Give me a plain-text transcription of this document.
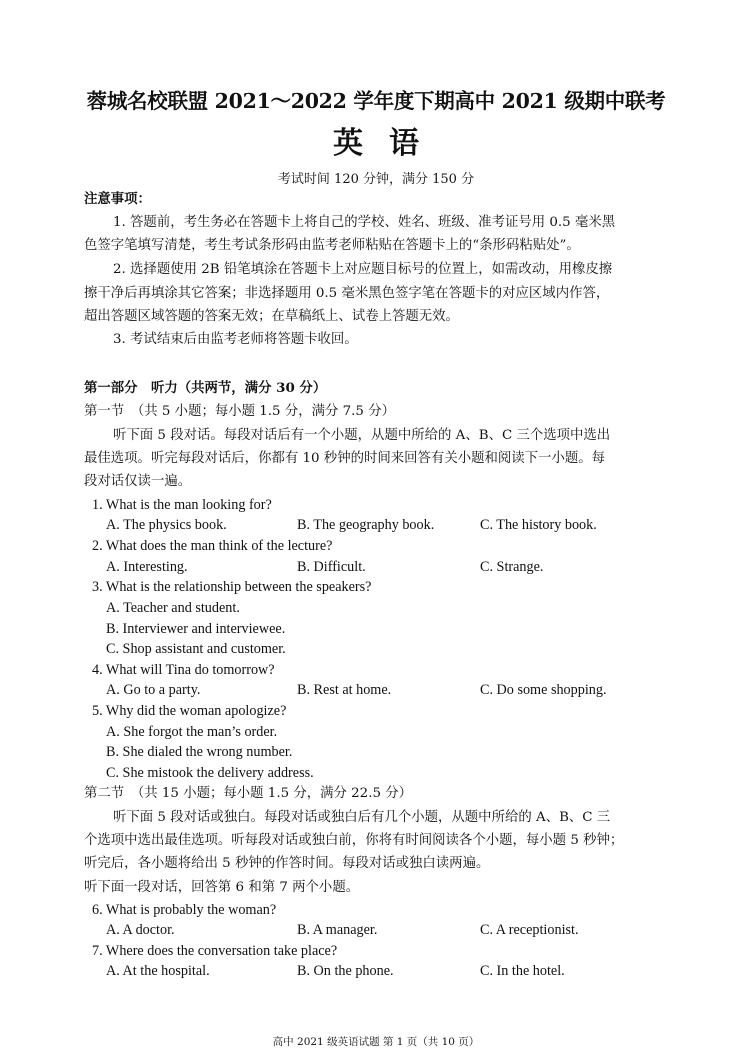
蓉城名校联盟 2021～2022 学年度下期高中 2021 级期中联考
英语
考试时间 120 分钟，满分 150 分
注意事项：
1. 答题前，考生务必在答题卡上将自己的学校、姓名、班级、准考证号用 0.5 毫米黑
色签字笔填写清楚，考生考试条形码由监考老师粘贴在答题卡上的“条形码粘贴处”。
2. 选择题使用 2B 铅笔填涂在答题卡上对应题目标号的位置上，如需改动，用橡皮擦
擦干净后再填涂其它答案；非选择题用 0.5 毫米黑色签字笔在答题卡的对应区域内作答，
超出答题区域答题的答案无效；在草稿纸上、试卷上答题无效。
3. 考试结束后由监考老师将答题卡收回。
第一部分　听力（共两节，满分 30 分）
第一节　（共 5 小题；每小题 1.5 分，满分 7.5 分）
听下面 5 段对话。每段对话后有一个小题，从题中所给的 A、B、C 三个选项中选出
最佳选项。听完每段对话后，你都有 10 秒钟的时间来回答有关小题和阅读下一小题。每
段对话仅读一遍。
1. What is the man looking for?
A. The physics book.	B. The geography book.	C. The history book.
2. What does the man think of the lecture?
A. Interesting.	B. Difficult.	C. Strange.
3. What is the relationship between the speakers?
A. Teacher and student.
B. Interviewer and interviewee.
C. Shop assistant and customer.
4. What will Tina do tomorrow?
A. Go to a party.	B. Rest at home.	C. Do some shopping.
5. Why did the woman apologize?
A. She forgot the man’s order.
B. She dialed the wrong number.
C. She mistook the delivery address.
第二节　（共 15 小题；每小题 1.5 分，满分 22.5 分）
听下面 5 段对话或独白。每段对话或独白后有几个小题，从题中所给的 A、B、C 三
个选项中选出最佳选项。听每段对话或独白前，你将有时间阅读各个小题，每小题 5 秒钟；
听完后，各小题将给出 5 秒钟的作答时间。每段对话或独白读两遍。
听下面一段对话，回答第 6 和第 7 两个小题。
6. What is probably the woman?
A. A doctor.	B. A manager.	C. A receptionist.
7. Where does the conversation take place?
A. At the hospital.	B. On the phone.	C. In the hotel.
高中 2021 级英语试题 第 1 页（共 10 页）
